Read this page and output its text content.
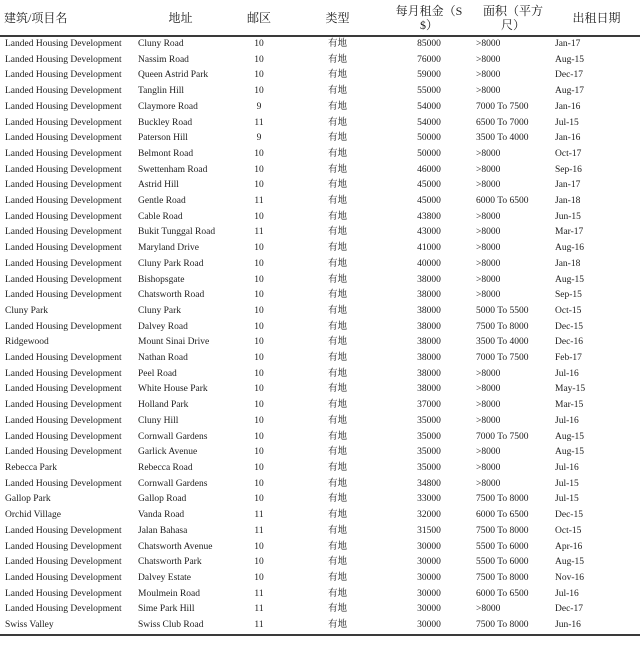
建筑/项目名	地址	邮区	类型	每月租金（S$）	面积（平方尺）	出租日期
Landed Housing Development	Cluny Road	10	有地	85000	>8000	Jan-17
Landed Housing Development	Nassim Road	10	有地	76000	>8000	Aug-15
Landed Housing Development	Queen Astrid Park	10	有地	59000	>8000	Dec-17
Landed Housing Development	Tanglin Hill	10	有地	55000	>8000	Aug-17
Landed Housing Development	Claymore Road	9	有地	54000	7000 To 7500	Jan-16
Landed Housing Development	Buckley Road	11	有地	54000	6500 To 7000	Jul-15
Landed Housing Development	Paterson Hill	9	有地	50000	3500 To 4000	Jan-16
Landed Housing Development	Belmont Road	10	有地	50000	>8000	Oct-17
Landed Housing Development	Swettenham Road	10	有地	46000	>8000	Sep-16
Landed Housing Development	Astrid Hill	10	有地	45000	>8000	Jan-17
Landed Housing Development	Gentle Road	11	有地	45000	6000 To 6500	Jan-18
Landed Housing Development	Cable Road	10	有地	43800	>8000	Jun-15
Landed Housing Development	Bukit Tunggal Road	11	有地	43000	>8000	Mar-17
Landed Housing Development	Maryland Drive	10	有地	41000	>8000	Aug-16
Landed Housing Development	Cluny Park Road	10	有地	40000	>8000	Jan-18
Landed Housing Development	Bishopsgate	10	有地	38000	>8000	Aug-15
Landed Housing Development	Chatsworth Road	10	有地	38000	>8000	Sep-15
Cluny Park	Cluny Park	10	有地	38000	5000 To 5500	Oct-15
Landed Housing Development	Dalvey Road	10	有地	38000	7500 To 8000	Dec-15
Ridgewood	Mount Sinai Drive	10	有地	38000	3500 To 4000	Dec-16
Landed Housing Development	Nathan Road	10	有地	38000	7000 To 7500	Feb-17
Landed Housing Development	Peel Road	10	有地	38000	>8000	Jul-16
Landed Housing Development	White House Park	10	有地	38000	>8000	May-15
Landed Housing Development	Holland Park	10	有地	37000	>8000	Mar-15
Landed Housing Development	Cluny Hill	10	有地	35000	>8000	Jul-16
Landed Housing Development	Cornwall Gardens	10	有地	35000	7000 To 7500	Aug-15
Landed Housing Development	Garlick Avenue	10	有地	35000	>8000	Aug-15
Rebecca Park	Rebecca Road	10	有地	35000	>8000	Jul-16
Landed Housing Development	Cornwall Gardens	10	有地	34800	>8000	Jul-15
Gallop Park	Gallop Road	10	有地	33000	7500 To 8000	Jul-15
Orchid Village	Vanda Road	11	有地	32000	6000 To 6500	Dec-15
Landed Housing Development	Jalan Bahasa	11	有地	31500	7500 To 8000	Oct-15
Landed Housing Development	Chatsworth Avenue	10	有地	30000	5500 To 6000	Apr-16
Landed Housing Development	Chatsworth Park	10	有地	30000	5500 To 6000	Aug-15
Landed Housing Development	Dalvey Estate	10	有地	30000	7500 To 8000	Nov-16
Landed Housing Development	Moulmein Road	11	有地	30000	6000 To 6500	Jul-16
Landed Housing Development	Sime Park Hill	11	有地	30000	>8000	Dec-17
Swiss Valley	Swiss Club Road	11	有地	30000	7500 To 8000	Jun-16
